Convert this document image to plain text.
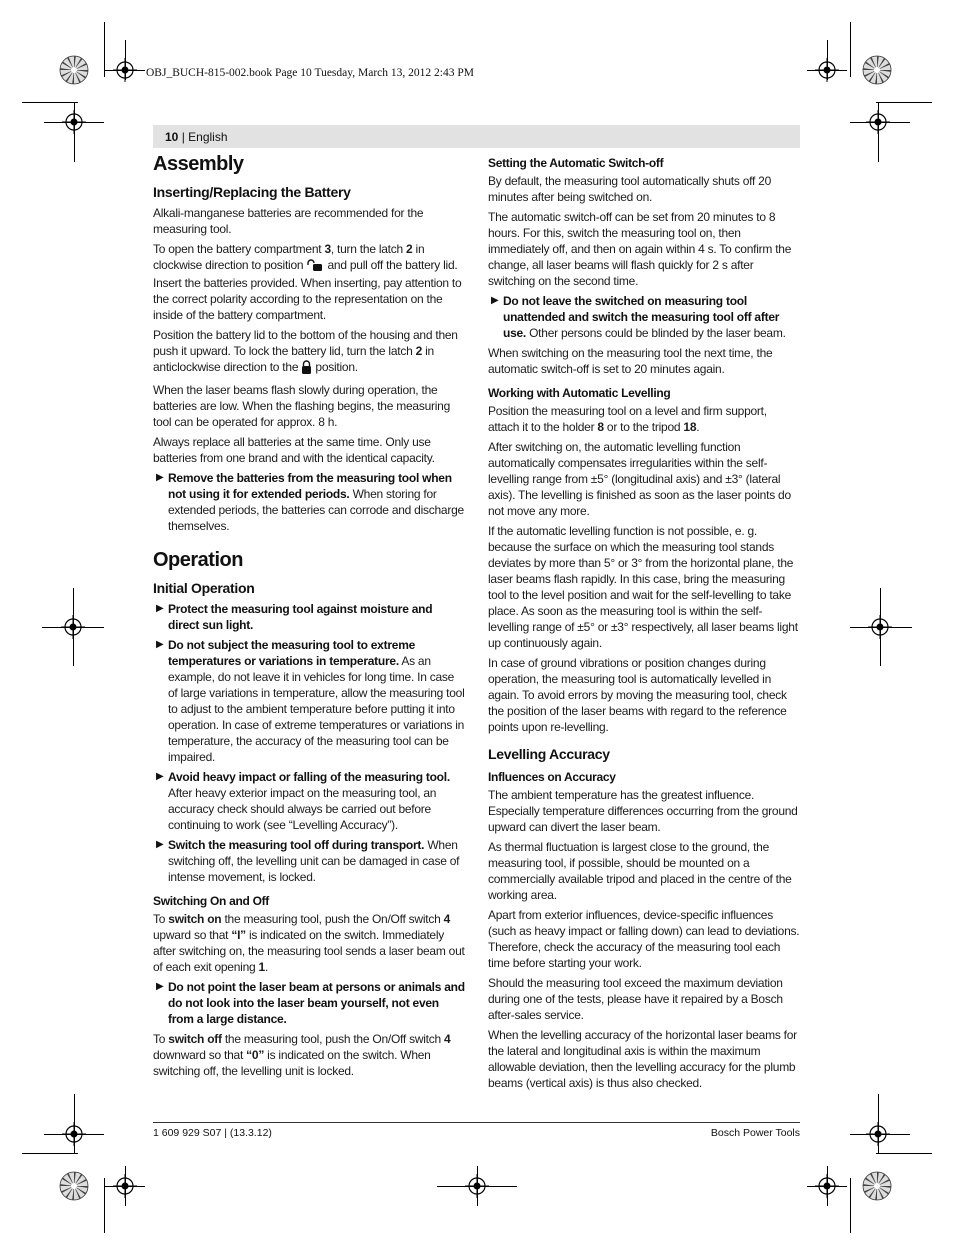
OBJ_BUCH-815-002.book Page 10 Tuesday, March 13, 2012 2:43 PM
10 | English
Assembly
Inserting/Replacing the Battery

Alkali-manganese batteries are recommended for the measuring tool.

To open the battery compartment 3, turn the latch 2 in clockwise direction to position  and pull off the battery lid. Insert the batteries provided. When inserting, pay attention to the correct polarity according to the representation on the inside of the battery compartment.

Position the battery lid to the bottom of the housing and then push it upward. To lock the battery lid, turn the latch 2 in anticlockwise direction to the  position.

When the laser beams flash slowly during operation, the batteries are low. When the flashing begins, the measuring tool can be operated for approx. 8 h.

Always replace all batteries at the same time. Only use batteries from one brand and with the identical capacity.

▶ Remove the batteries from the measuring tool when not using it for extended periods. When storing for extended periods, the batteries can corrode and discharge themselves.
Operation
Initial Operation
▶ Protect the measuring tool against moisture and direct sun light.
▶ Do not subject the measuring tool to extreme temperatures or variations in temperature. As an example, do not leave it in vehicles for long time. In case of large variations in temperature, allow the measuring tool to adjust to the ambient temperature before putting it into operation. In case of extreme temperatures or variations in temperature, the accuracy of the measuring tool can be impaired.
▶ Avoid heavy impact or falling of the measuring tool. After heavy exterior impact on the measuring tool, an accuracy check should always be carried out before continuing to work (see “Levelling Accuracy”).
▶ Switch the measuring tool off during transport. When switching off, the levelling unit can be damaged in case of intense movement, is locked.
Switching On and Off

To switch on the measuring tool, push the On/Off switch 4 upward so that “I” is indicated on the switch. Immediately after switching on, the measuring tool sends a laser beam out of each exit opening 1.

▶ Do not point the laser beam at persons or animals and do not look into the laser beam yourself, not even from a large distance.

To switch off the measuring tool, push the On/Off switch 4 downward so that “0” is indicated on the switch. When switching off, the levelling unit is locked.

Setting the Automatic Switch-off

By default, the measuring tool automatically shuts off 20 minutes after being switched on.

The automatic switch-off can be set from 20 minutes to 8 hours. For this, switch the measuring tool on, then immediately off, and then on again within 4 s. To confirm the change, all laser beams will flash quickly for 2 s after switching on the second time.

▶ Do not leave the switched on measuring tool unattended and switch the measuring tool off after use. Other persons could be blinded by the laser beam.

When switching on the measuring tool the next time, the automatic switch-off is set to 20 minutes again.

Working with Automatic Levelling

Position the measuring tool on a level and firm support, attach it to the holder 8 or to the tripod 18.

After switching on, the automatic levelling function automatically compensates irregularities within the self-levelling range from ±5° (longitudinal axis) and ±3° (lateral axis). The levelling is finished as soon as the laser points do not move any more.

If the automatic levelling function is not possible, e. g. because the surface on which the measuring tool stands deviates by more than 5° or 3° from the horizontal plane, the laser beams flash rapidly. In this case, bring the measuring tool to the level position and wait for the self-levelling to take place. As soon as the measuring tool is within the self-levelling range of ±5° or ±3° respectively, all laser beams light up continuously again.

In case of ground vibrations or position changes during operation, the measuring tool is automatically levelled in again. To avoid errors by moving the measuring tool, check the position of the laser beams with regard to the reference points upon re-levelling.

Levelling Accuracy
Influences on Accuracy

The ambient temperature has the greatest influence. Especially temperature differences occurring from the ground upward can divert the laser beam.

As thermal fluctuation is largest close to the ground, the measuring tool, if possible, should be mounted on a commercially available tripod and placed in the centre of the working area.

Apart from exterior influences, device-specific influences (such as heavy impact or falling down) can lead to deviations. Therefore, check the accuracy of the measuring tool each time before starting your work.

Should the measuring tool exceed the maximum deviation during one of the tests, please have it repaired by a Bosch after-sales service.

When the levelling accuracy of the horizontal laser beams for the lateral and longitudinal axis is within the maximum allowable deviation, then the levelling accuracy for the plumb beams (vertical axis) is thus also checked.

1 609 929 S07 | (13.3.12)	Bosch Power Tools
